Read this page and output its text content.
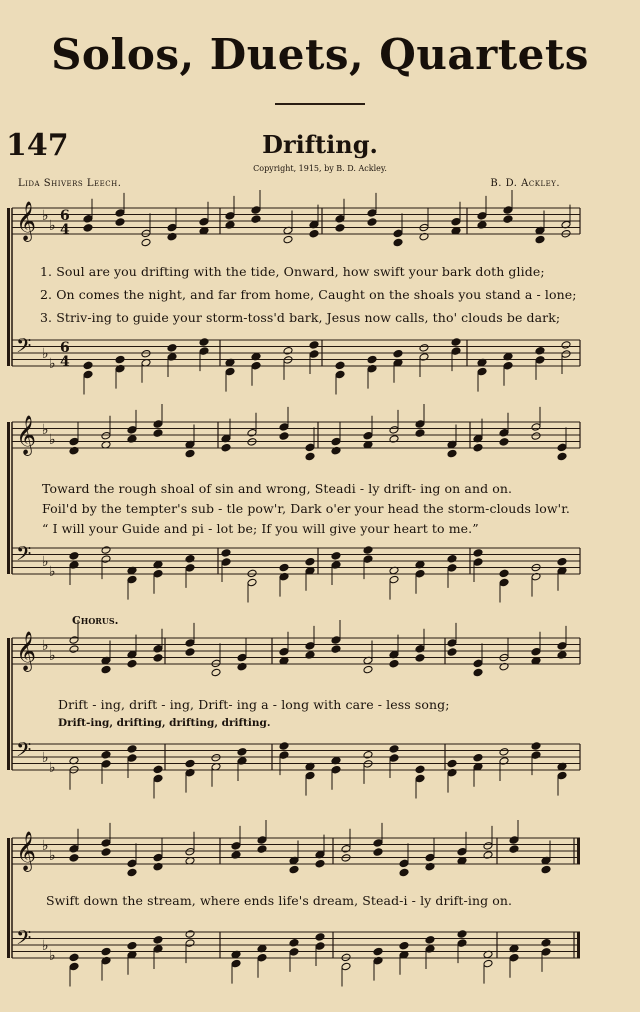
Solos, Duets, Quartets
147	Drifting.
Copyright, 1915, by B. D. Ackley.
Lida Shivers Leech.	B. D. Ackley.
𝄞 ♭
♭
6
4
𝄢 ♭
♭
6
4
𝄞 ♭
♭
𝄢 ♭
♭
𝄞 ♭
♭
𝄢 ♭
♭
𝄞 ♭
♭
𝄢 ♭
♭
1. Soul are you drifting with the tide, Onward, how swift your bark doth glide;
2. On comes the night, and far from home, Caught on the shoals you stand a - lone;
3. Striv-ing to guide your storm-toss'd bark, Jesus now calls, tho' clouds be dark;
Toward the rough shoal of sin and wrong, Steadi - ly drift- ing on and on.
Foil'd by the tempter's sub - tle pow'r, Dark o'er your head the storm-clouds low'r.
“ I will your Guide and pi - lot be; If you will give your heart to me.”
Chorus.
Drift - ing, drift - ing, Drift- ing a - long with care - less song;
Drift-ing, drifting, drifting, drifting.
Swift down the stream, where ends life's dream, Stead-i - ly drift-ing on.
